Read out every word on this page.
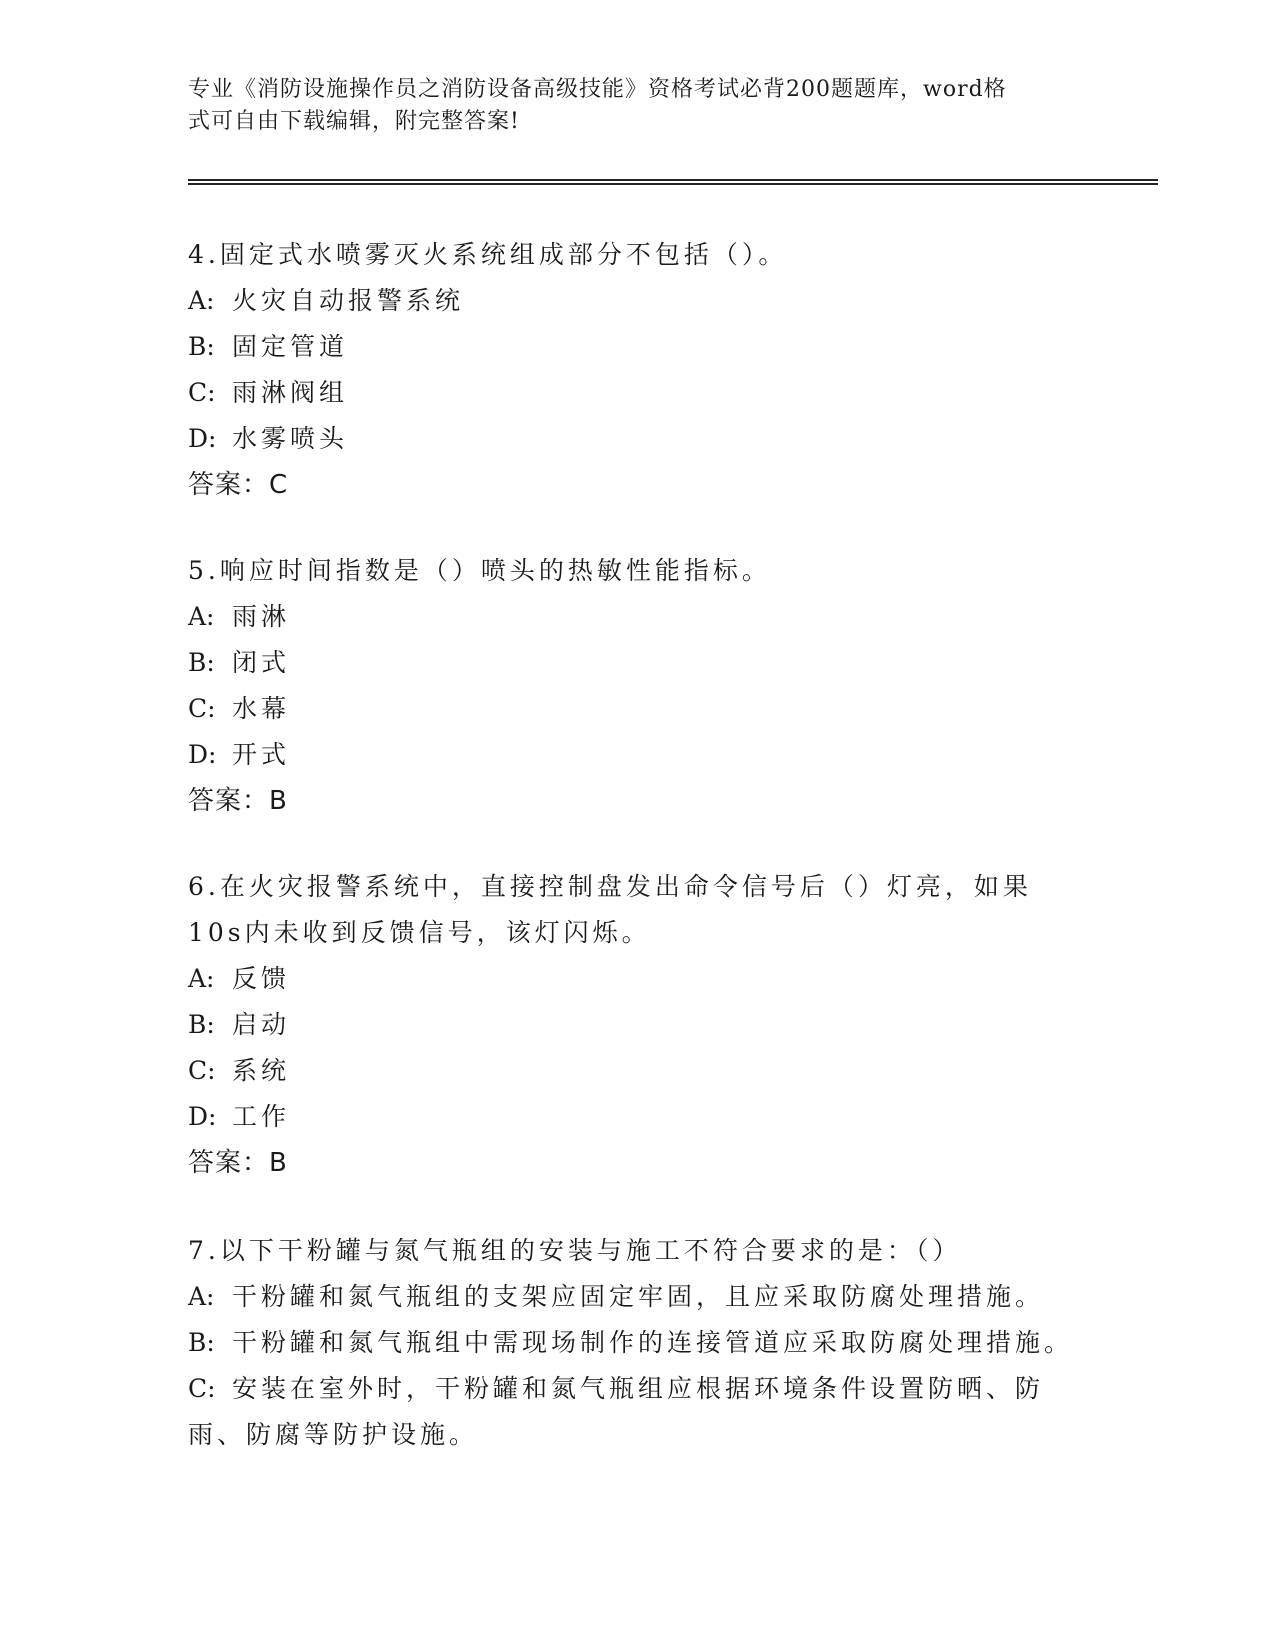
专业《消防设施操作员之消防设备高级技能》资格考试必背200题题库，word格
式可自由下载编辑，附完整答案!
4.固定式水喷雾灭火系统组成部分不包括（）。
A: 火灾自动报警系统
B: 固定管道
C: 雨淋阀组
D: 水雾喷头
答案：C
5.响应时间指数是（）喷头的热敏性能指标。
A: 雨淋
B: 闭式
C: 水幕
D: 开式
答案：B
6.在火灾报警系统中，直接控制盘发出命令信号后（）灯亮，如果10s内未收到反馈信号，该灯闪烁。
A: 反馈
B: 启动
C: 系统
D: 工作
答案：B
7.以下干粉罐与氮气瓶组的安装与施工不符合要求的是：（）
A: 干粉罐和氮气瓶组的支架应固定牢固，且应采取防腐处理措施。
B: 干粉罐和氮气瓶组中需现场制作的连接管道应采取防腐处理措施。
C: 安装在室外时，干粉罐和氮气瓶组应根据环境条件设置防晒、防雨、防腐等防护设施。
